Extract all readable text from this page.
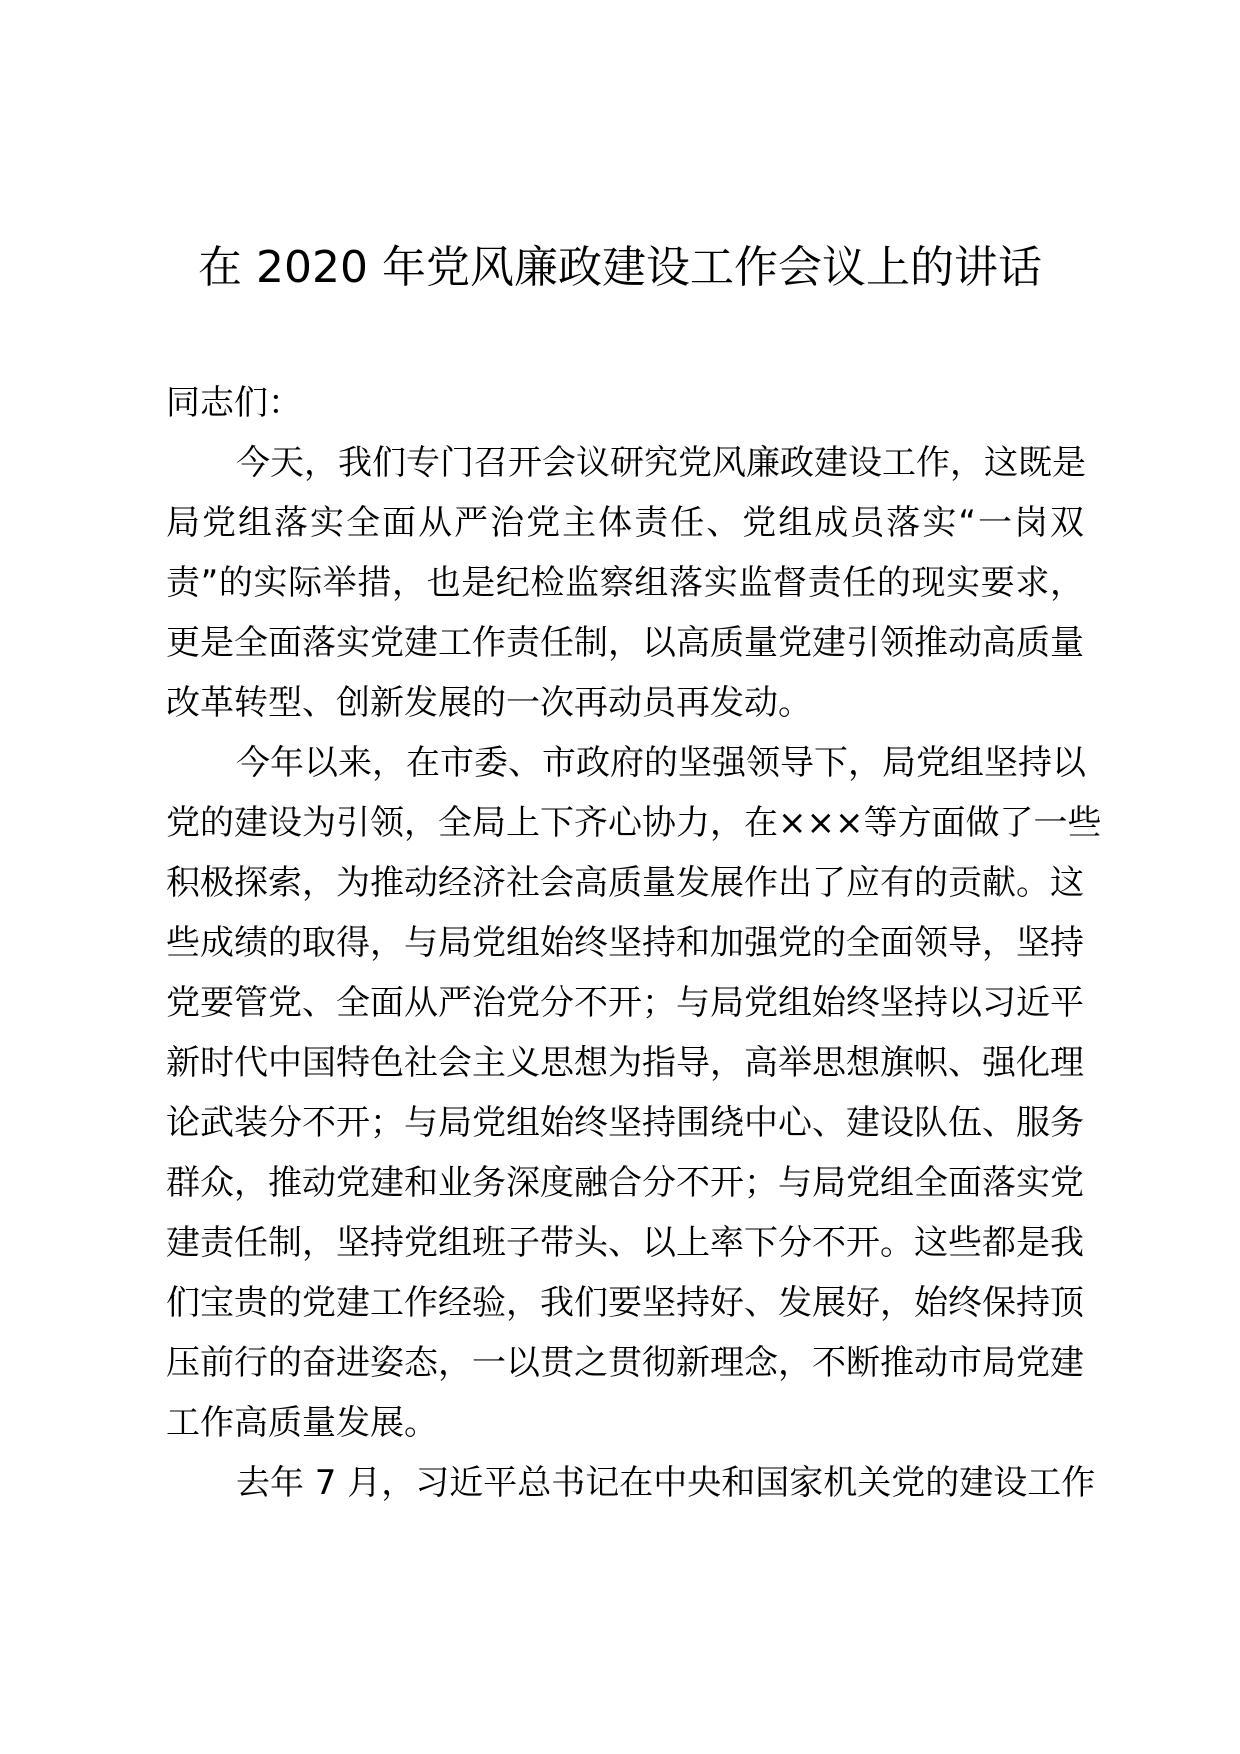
在 2020 年党风廉政建设工作会议上的讲话
同志们：
今天，我们专门召开会议研究党风廉政建设工作，这既是
局党组落实全面从严治党主体责任、党组成员落实“一岗双
责”的实际举措，也是纪检监察组落实监督责任的现实要求，
更是全面落实党建工作责任制，以高质量党建引领推动高质量
改革转型、创新发展的一次再动员再发动。
今年以来，在市委、市政府的坚强领导下，局党组坚持以
党的建设为引领，全局上下齐心协力，在×××等方面做了一些
积极探索，为推动经济社会高质量发展作出了应有的贡献。这
些成绩的取得，与局党组始终坚持和加强党的全面领导，坚持
党要管党、全面从严治党分不开；与局党组始终坚持以习近平
新时代中国特色社会主义思想为指导，高举思想旗帜、强化理
论武装分不开；与局党组始终坚持围绕中心、建设队伍、服务
群众，推动党建和业务深度融合分不开；与局党组全面落实党
建责任制，坚持党组班子带头、以上率下分不开。这些都是我
们宝贵的党建工作经验，我们要坚持好、发展好，始终保持顶
压前行的奋进姿态，一以贯之贯彻新理念，不断推动市局党建
工作高质量发展。
去年 7 月，习近平总书记在中央和国家机关党的建设工作
